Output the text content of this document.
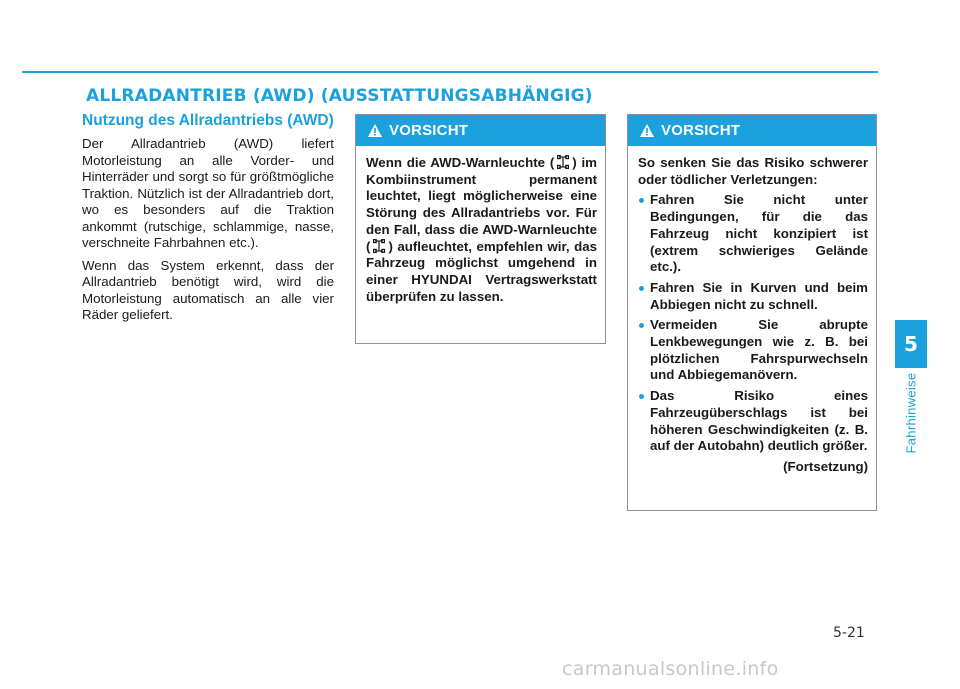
ALLRADANTRIEB (AWD) (AUSSTATTUNGSABHÄNGIG)
Nutzung des Allradantriebs (AWD)

Der Allradantrieb (AWD) liefert Motorleistung an alle Vorder- und Hinterräder und sorgt so für größtmögliche Traktion. Nützlich ist der Allradantrieb dort, wo es besonders auf die Traktion ankommt (rutschige, schlammige, nasse, verschneite Fahrbahnen etc.).

Wenn das System erkennt, dass der Allradantrieb benötigt wird, wird die Motorleistung automatisch an alle vier Räder geliefert.

VORSICHT

Wenn die AWD-Warnleuchte ( ) im Kombiinstrument permanent leuchtet, liegt möglicherweise eine Störung des Allradantriebs vor. Für den Fall, dass die AWD-Warnleuchte ( ) aufleuchtet, empfehlen wir, das Fahrzeug möglichst umgehend in einer HYUNDAI Vertragswerkstatt überprüfen zu lassen.

VORSICHT

So senken Sie das Risiko schwerer oder tödlicher Verletzungen:

Fahren Sie nicht unter Bedingungen, für die das Fahrzeug nicht konzipiert ist (extrem schwieriges Gelände etc.).
Fahren Sie in Kurven und beim Abbiegen nicht zu schnell.
Vermeiden Sie abrupte Lenkbewegungen wie z. B. bei plötzlichen Fahrspurwechseln und Abbiegemanövern.
Das Risiko eines Fahrzeugüberschlags ist bei höheren Geschwindigkeiten (z. B. auf der Autobahn) deutlich größer.
(Fortsetzung)
5
Fahrhinweise
5-21
carmanualsonline.info
